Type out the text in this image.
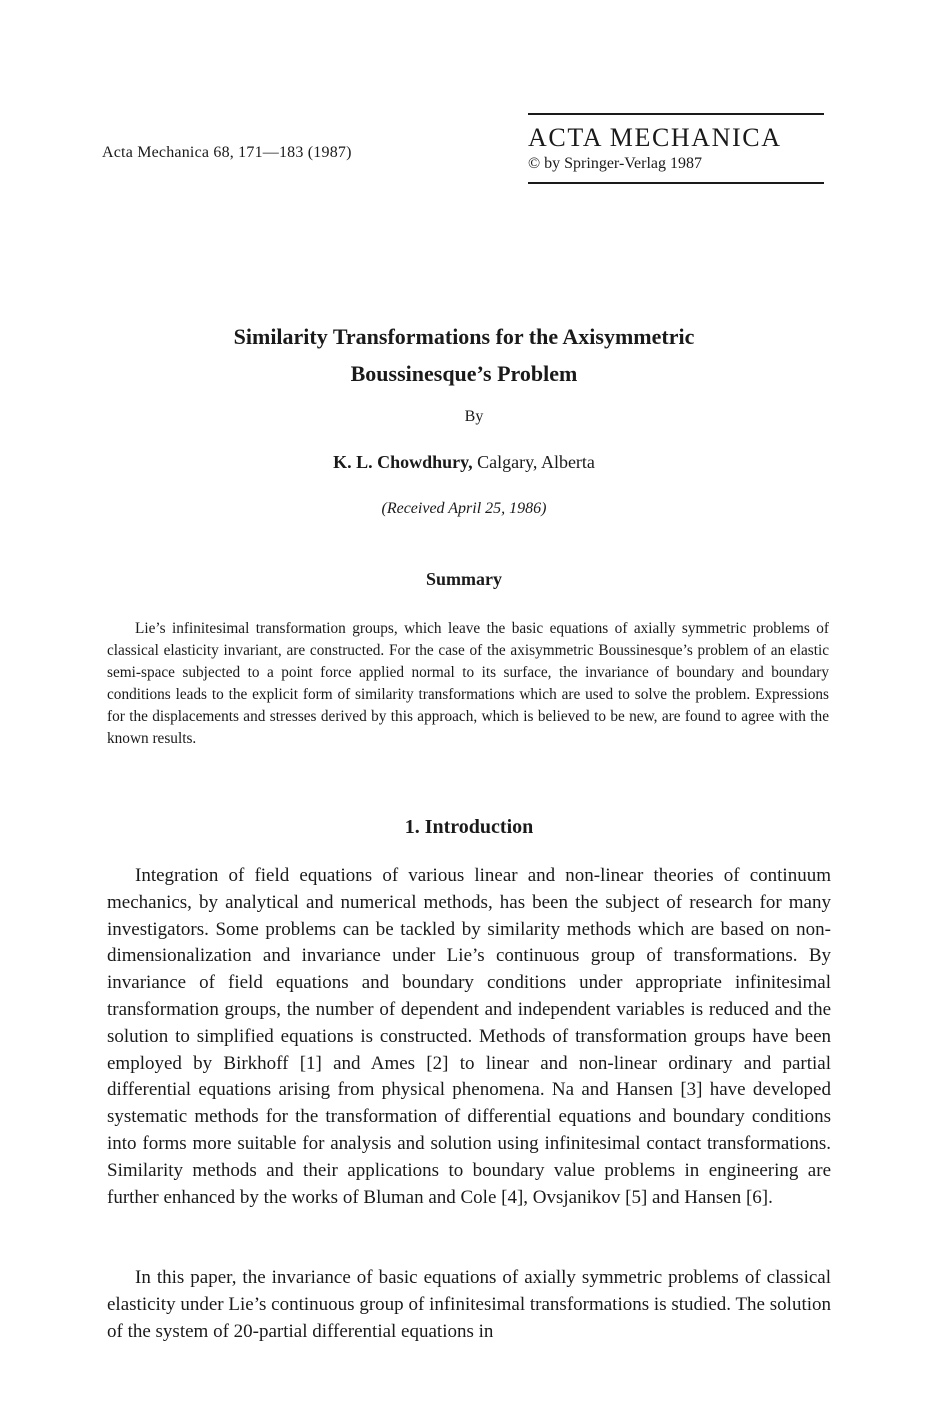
Acta Mechanica 68, 171—183 (1987)
ACTA MECHANICA
© by Springer-Verlag 1987
Similarity Transformations for the Axisymmetric
Boussinesque’s Problem
By
K. L. Chowdhury, Calgary, Alberta
(Received April 25, 1986)
Summary
Lie’s infinitesimal transformation groups, which leave the basic equations of axially symmetric problems of classical elasticity invariant, are constructed. For the case of the axisymmetric Boussinesque’s problem of an elastic semi-space subjected to a point force applied normal to its surface, the invariance of boundary and boundary conditions leads to the explicit form of similarity transformations which are used to solve the problem. Expressions for the displacements and stresses derived by this approach, which is believed to be new, are found to agree with the known results.
1. Introduction
Integration of field equations of various linear and non-linear theories of continuum mechanics, by analytical and numerical methods, has been the subject of research for many investigators. Some problems can be tackled by similarity methods which are based on non-dimensionalization and invariance under Lie’s continuous group of transformations. By invariance of field equations and boundary conditions under appropriate infinitesimal transformation groups, the number of dependent and independent variables is reduced and the solution to simplified equations is constructed. Methods of transformation groups have been employed by Birkhoff [1] and Ames [2] to linear and non-linear ordinary and partial differential equations arising from physical phenomena. Na and Hansen [3] have developed systematic methods for the transformation of differential equations and boundary conditions into forms more suitable for analysis and solution using infinitesimal contact transformations. Similarity methods and their applications to boundary value problems in engineering are further enhanced by the works of Bluman and Cole [4], Ovsjanikov [5] and Hansen [6].
In this paper, the invariance of basic equations of axially symmetric problems of classical elasticity under Lie’s continuous group of infinitesimal transformations is studied. The solution of the system of 20-partial differential equations in
